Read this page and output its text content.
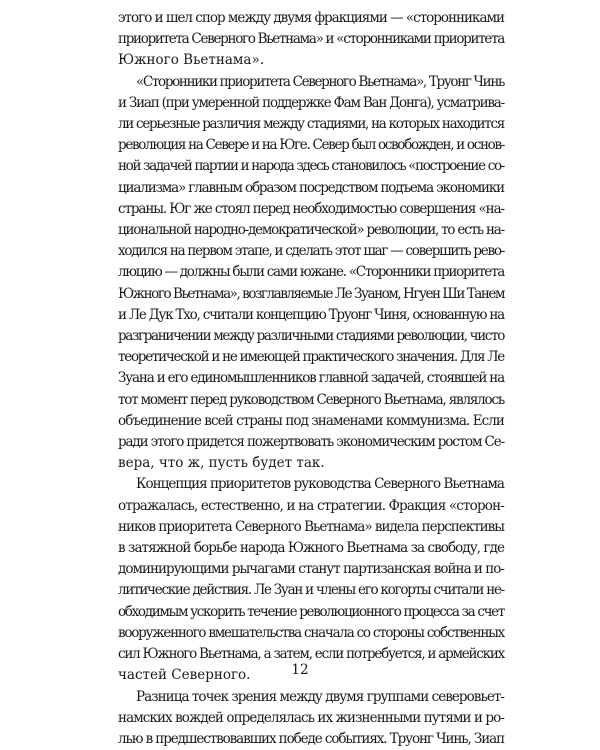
этого и шел спор между двумя фракциями — «сторонниками
приоритета Северного Вьетнама» и «сторонниками приоритета
Южного Вьетнама».

«Сторонники приоритета Северного Вьетнама», Труонг Чинь
и Зиап (при умеренной поддержке Фам Ван Донга), усматрива-
ли серьезные различия между стадиями, на которых находится
революция на Севере и на Юге. Север был освобожден, и основ-
ной задачей партии и народа здесь становилось «построение со-
циализма» главным образом посредством подъема экономики
страны. Юг же стоял перед необходимостью совершения «на-
циональной народно-демократической» революции, то есть на-
ходился на первом этапе, и сделать этот шаг — совершить рево-
люцию — должны были сами южане. «Сторонники приоритета
Южного Вьетнама», возглавляемые Ле Зуаном, Нгуен Ши Танем
и Ле Дук Тхо, считали концепцию Труонг Чиня, основанную на
разграничении между различными стадиями революции, чисто
теоретической и не имеющей практического значения. Для Ле
Зуана и его единомышленников главной задачей, стоявшей на
тот момент перед руководством Северного Вьетнама, являлось
объединение всей страны под знаменами коммунизма. Если
ради этого придется пожертвовать экономическим ростом Се-
вера, что ж, пусть будет так.

Концепция приоритетов руководства Северного Вьетнама
отражалась, естественно, и на стратегии. Фракция «сторон-
ников приоритета Северного Вьетнама» видела перспективы
в затяжной борьбе народа Южного Вьетнама за свободу, где
доминирующими рычагами станут партизанская война и по-
литические действия. Ле Зуан и члены его когорты считали не-
обходимым ускорить течение революционного процесса за счет
вооруженного вмешательства сначала со стороны собственных
сил Южного Вьетнама, а затем, если потребуется, и армейских
частей Северного.

Разница точек зрения между двумя группами северовьет-
намских вождей определялась их жизненными путями и ро-
лью в предшествовавших победе событиях. Труонг Чинь, Зиап

12
